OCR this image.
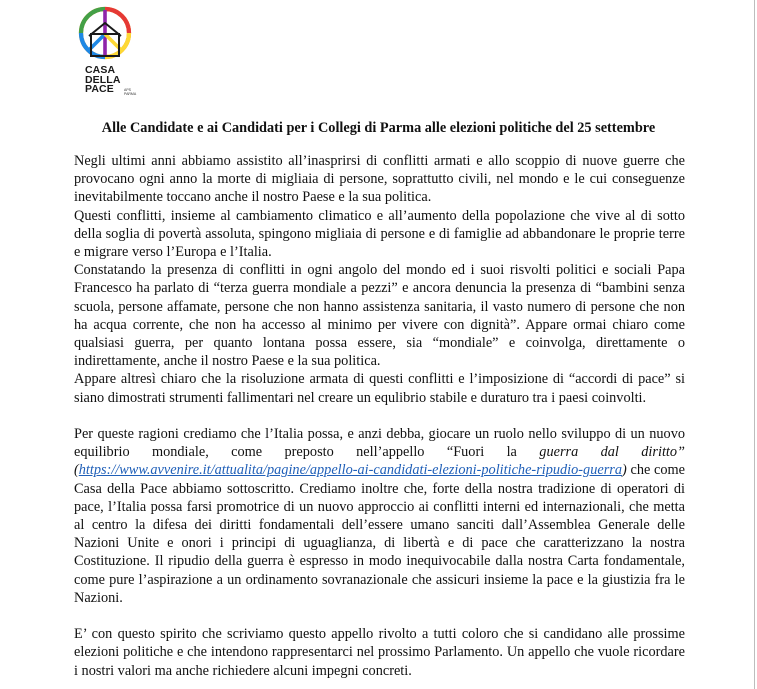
CASA
DELLA
PACE	APS PARMA
Alle Candidate e ai Candidati per i Collegi di Parma alle elezioni politiche del 25 settembre

Negli ultimi anni abbiamo assistito all’inasprirsi di conflitti armati e allo scoppio di nuove guerre che provocano ogni anno la morte di migliaia di persone, soprattutto civili, nel mondo e le cui conseguenze inevitabilmente toccano anche il nostro Paese e la sua politica.

Questi conflitti, insieme al cambiamento climatico e all’aumento della popolazione che vive al di sotto della soglia di povertà assoluta, spingono migliaia di persone e di famiglie ad abbandonare le proprie terre e migrare verso l’Europa e l’Italia.

Constatando la presenza di conflitti in ogni angolo del mondo ed i suoi risvolti politici e sociali Papa Francesco ha parlato di “terza guerra mondiale a pezzi” e ancora denuncia la presenza di “bambini senza scuola, persone affamate, persone che non hanno assistenza sanitaria, il vasto numero di persone che non ha acqua corrente, che non ha accesso al minimo per vivere con dignità”. Appare ormai chiaro come qualsiasi guerra, per quanto lontana possa essere, sia “mondiale” e coinvolga, direttamente o indirettamente, anche il nostro Paese e la sua politica.

Appare altresì chiaro che la risoluzione armata di questi conflitti e l’imposizione di “accordi di pace” si siano dimostrati strumenti fallimentari nel creare un equlibrio stabile e duraturo tra i paesi coinvolti.

Per queste ragioni crediamo che l’Italia possa, e anzi debba, giocare un ruolo nello sviluppo di un nuovo equilibrio mondiale, come preposto nell’appello “Fuori la guerra dal diritto” (https://www.avvenire.it/attualita/pagine/appello-ai-candidati-elezioni-politiche-ripudio-guerra) che come Casa della Pace abbiamo sottoscritto. Crediamo inoltre che, forte della nostra tradizione di operatori di pace, l’Italia possa farsi promotrice di un nuovo approccio ai conflitti interni ed internazionali, che metta al centro la difesa dei diritti fondamentali dell’essere umano sanciti dall’Assemblea Generale delle Nazioni Unite e onori i principi di uguaglianza, di libertà e di pace che caratterizzano la nostra Costituzione. Il ripudio della guerra è espresso in modo inequivocabile dalla nostra Carta fondamentale, come pure l’aspirazione a un ordinamento sovranazionale che assicuri insieme la pace e la giustizia fra le Nazioni.

E’ con questo spirito che scriviamo questo appello rivolto a tutti coloro che si candidano alle prossime elezioni politiche e che intendono rappresentarci nel prossimo Parlamento. Un appello che vuole ricordare i nostri valori ma anche richiedere alcuni impegni concreti.
